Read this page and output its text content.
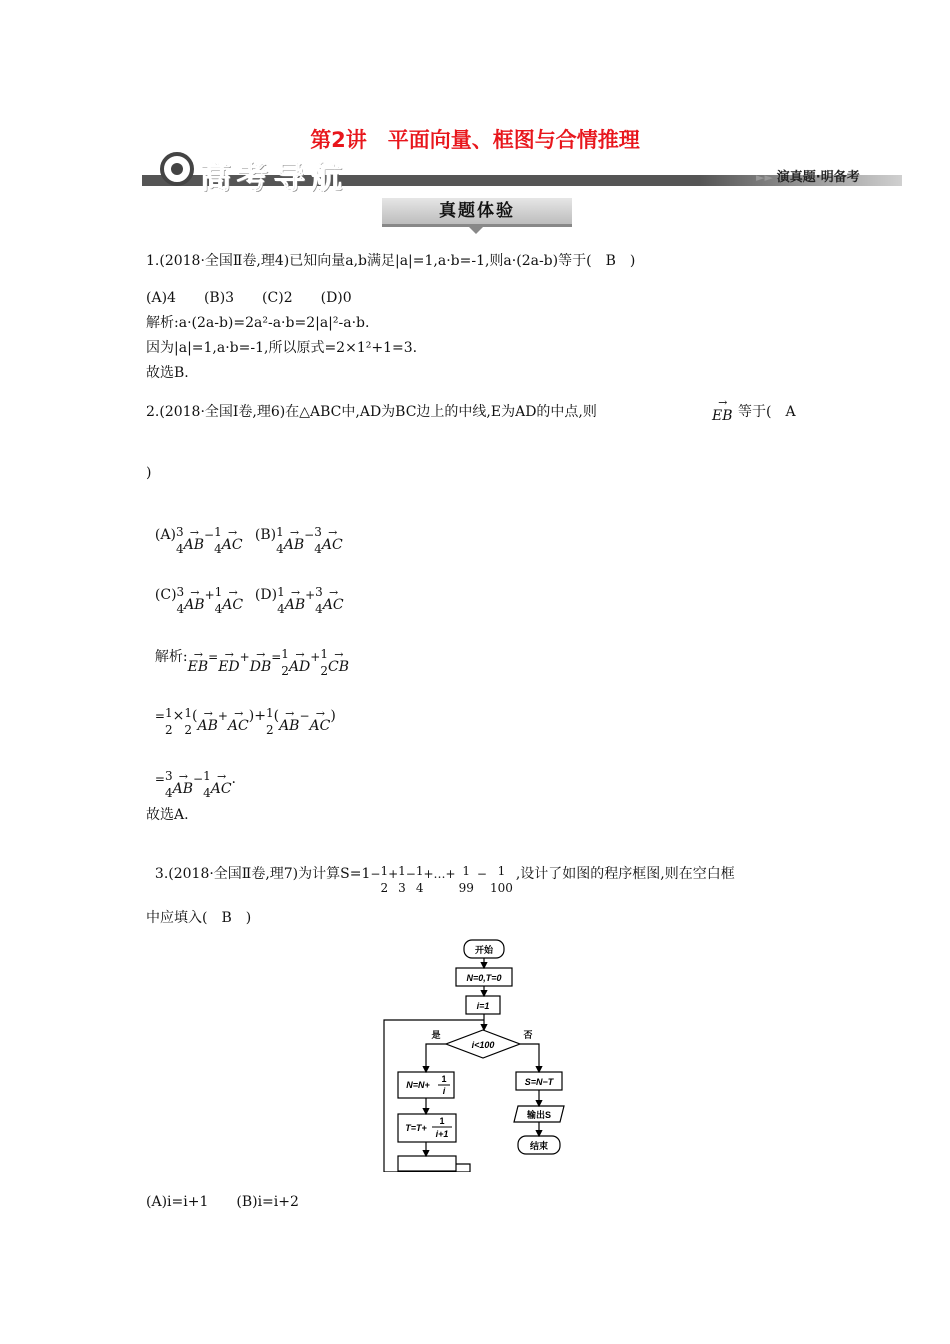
第2讲　平面向量、框图与合情推理
高考导航	►► 演真题·明备考
真题体验
1.(2018·全国Ⅱ卷,理4)已知向量a,b满足|a|=1,a·b=-1,则a·(2a-b)等于(　B　)
(A)4　　(B)3　　(C)2　　(D)0
解析:a·(2a-b)=2a²-a·b=2|a|²-a·b.
因为|a|=1,a·b=-1,所以原式=2×1²+1=3.
故选B.
2.(2018·全国Ⅰ卷,理6)在△ABC中,AD为BC边上的中线,E为AD的中点,则	→ EB 等于(　A
)

(A) 3
4 → AB− 1
4 → AC

(B) 1
4 → AB− 3
4 → AC

(C) 3
4 → AB+ 1
4 → AC

(D) 1
4 → AB+ 3
4 → AC

解析:→ EB=→ ED+→ DB= 1
2 → AD+ 1
2 → CB

= 1
2
× 1
2
(→ AB+→ AC)+ 1
2
(→ AB−→ AC)

= 3
4 → AB− 1
4 → AC.

故选A.

3.(2018·全国Ⅱ卷,理7)为计算S=1− 1
2
+ 1
3
− 1
4
+…+ 1
99
− 1
100
,设计了如图的程序框图,则在空白框

中应填入(　B　)
开始
N=0,T=0
i=1
i<100
是	否
N=N+
1
i
T=T+
1
i+1
S=N−T
输出S
结束
(A)i=i+1　　(B)i=i+2
